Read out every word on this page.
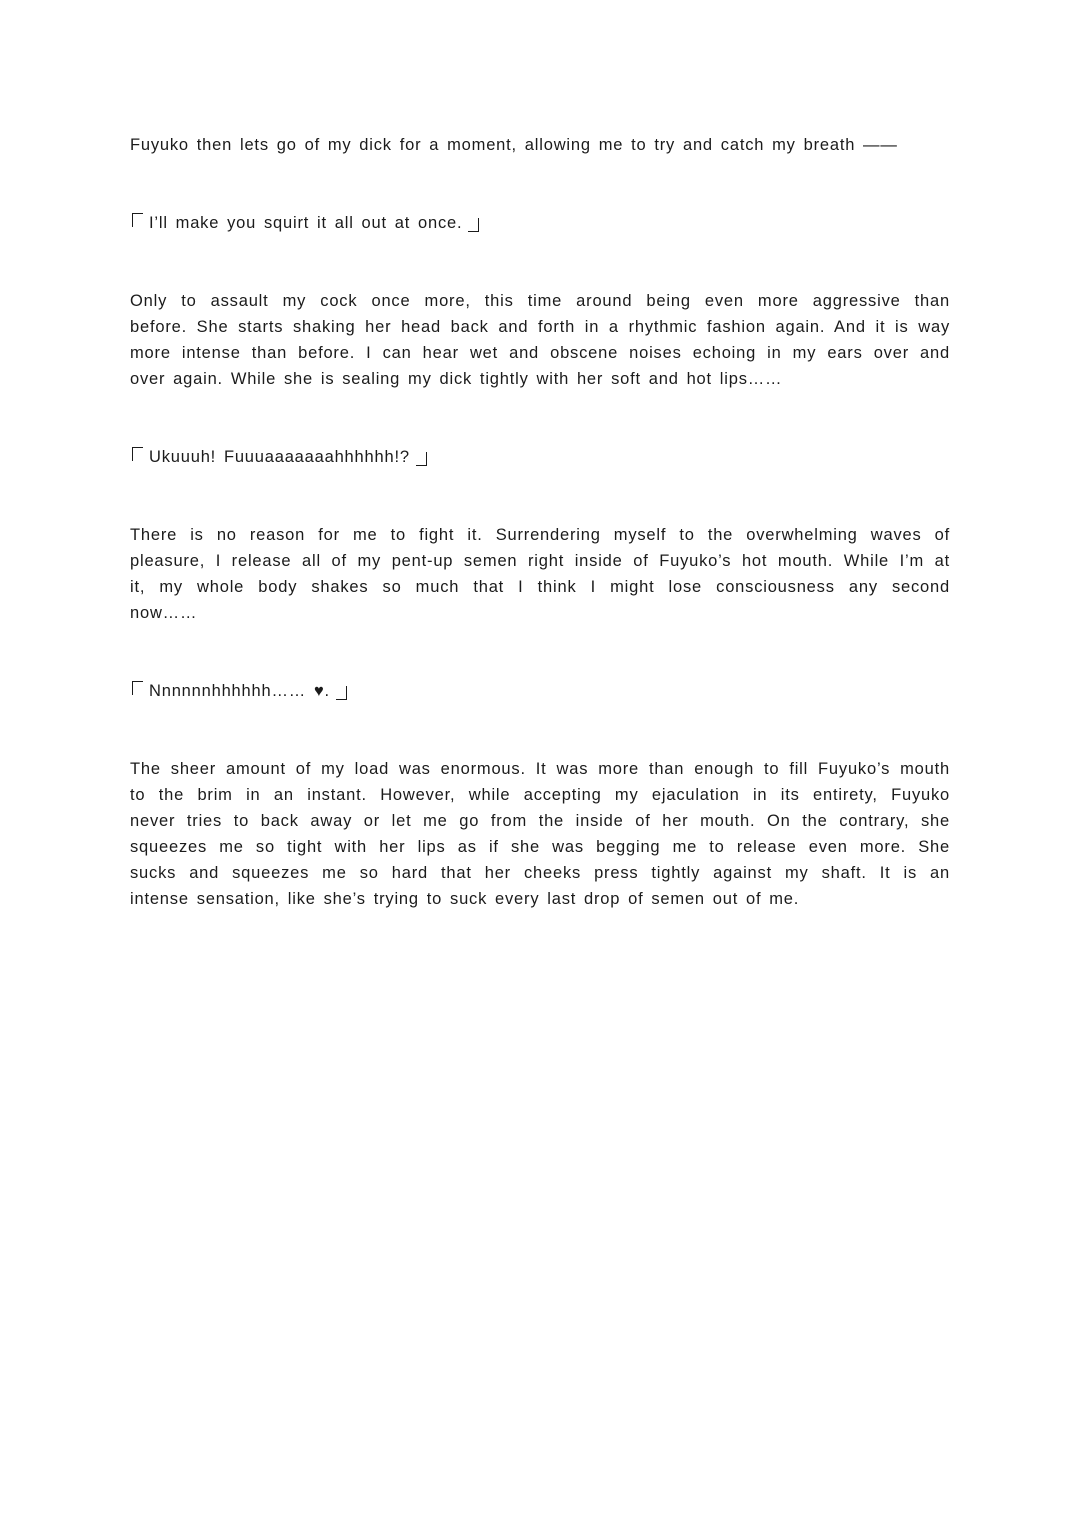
Fuyuko then lets go of my dick for a moment, allowing me to try and catch my breath ——

I’ll make you squirt it all out at once.

Only to assault my cock once more, this time around being even more aggressive than
before. She starts shaking her head back and forth in a rhythmic fashion again. And it is way
more intense than before. I can hear wet and obscene noises echoing in my ears over and
over again. While she is sealing my dick tightly with her soft and hot lips……

Ukuuuh! Fuuuaaaaaaahhhhhh!?

There is no reason for me to fight it. Surrendering myself to the overwhelming waves of
pleasure, I release all of my pent-up semen right inside of Fuyuko’s hot mouth. While I’m at
it, my whole body shakes so much that I think I might lose consciousness any second
now……

Nnnnnnhhhhhh…… ♥.

The sheer amount of my load was enormous. It was more than enough to fill Fuyuko’s mouth
to the brim in an instant. However, while accepting my ejaculation in its entirety, Fuyuko
never tries to back away or let me go from the inside of her mouth. On the contrary, she
squeezes me so tight with her lips as if she was begging me to release even more. She
sucks and squeezes me so hard that her cheeks press tightly against my shaft. It is an
intense sensation, like she’s trying to suck every last drop of semen out of me.
